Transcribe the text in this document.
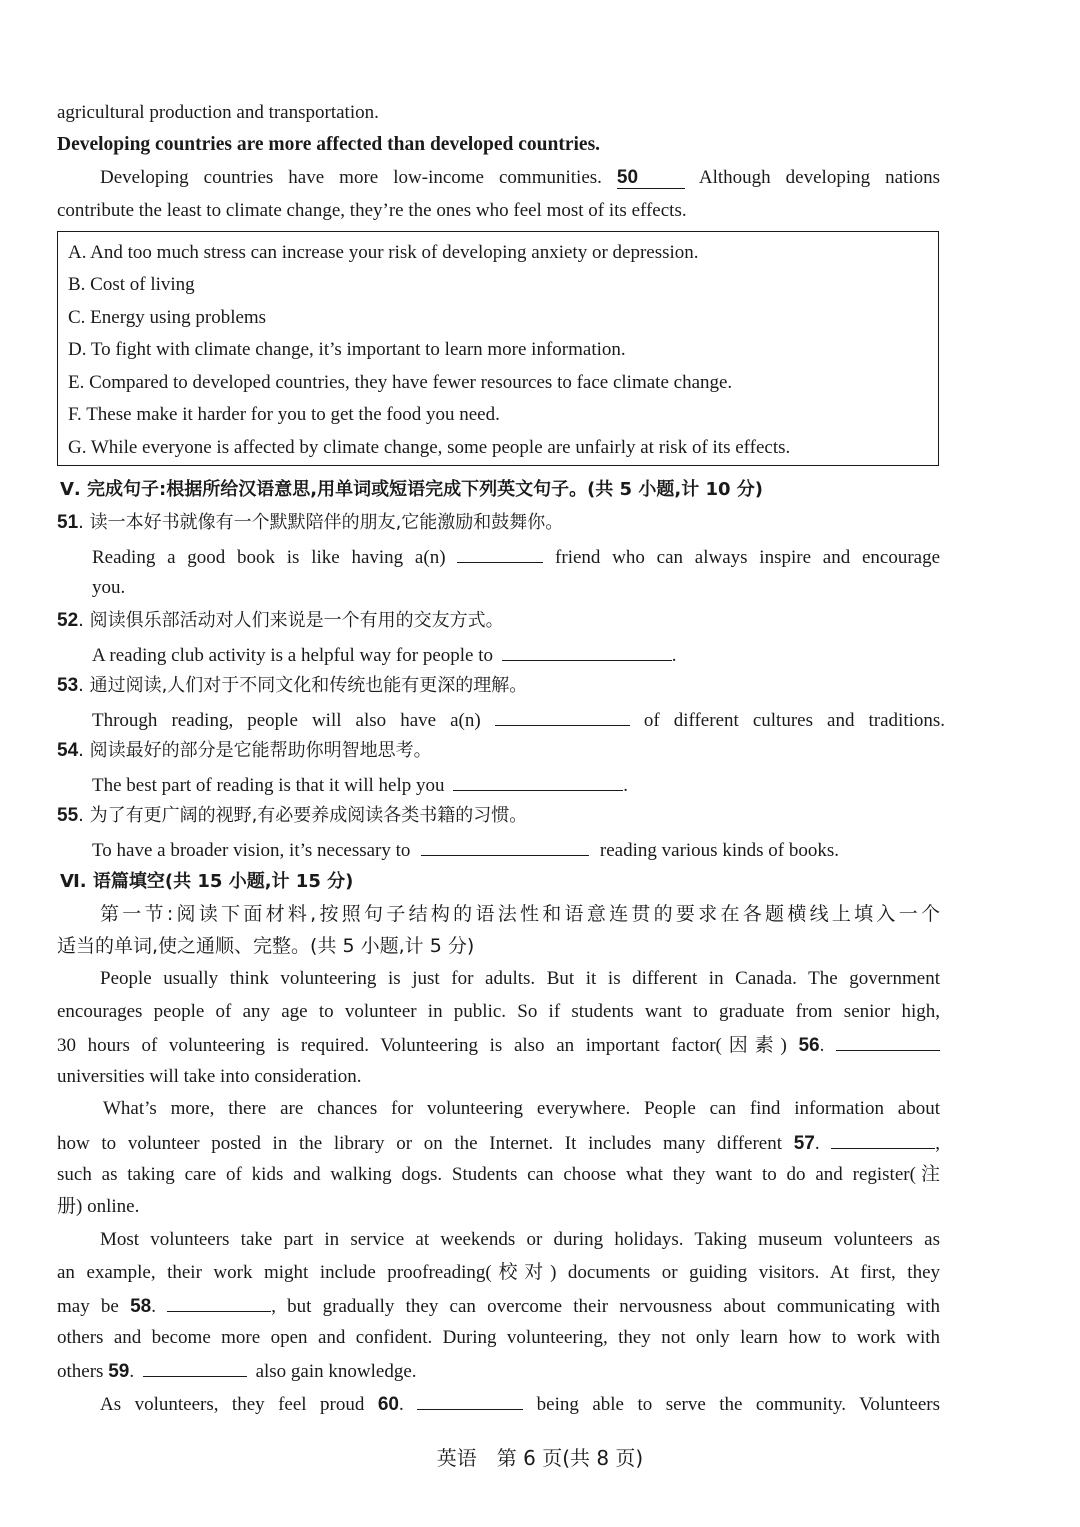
agricultural production and transportation.
Developing countries are more affected than developed countries.
Developing countries have more low-income communities. 50	Although developing nations
contribute the least to climate change, they’re the ones who feel most of its effects.
A. And too much stress can increase your risk of developing anxiety or depression.
B. Cost of living
C. Energy using problems
D. To fight with climate change, it’s important to learn more information.
E. Compared to developed countries, they have fewer resources to face climate change.
F. These make it harder for you to get the food you need.
G. While everyone is affected by climate change, some people are unfairly at risk of its effects.
Ⅴ. 完成句子:根据所给汉语意思,用单词或短语完成下列英文句子。(共 5 小题,计 10 分)
51. 读一本好书就像有一个默默陪伴的朋友,它能激励和鼓舞你。
Reading a good book is like having a(n)	friend who can always inspire and encourage
you.
52. 阅读俱乐部活动对人们来说是一个有用的交友方式。
A reading club activity is a helpful way for people to	.
53. 通过阅读,人们对于不同文化和传统也能有更深的理解。
Through reading, people will also have a(n)	of different cultures and traditions.
54. 阅读最好的部分是它能帮助你明智地思考。
The best part of reading is that it will help you	.
55. 为了有更广阔的视野,有必要养成阅读各类书籍的习惯。
To have a broader vision, it’s necessary to	reading various kinds of books.
Ⅵ. 语篇填空(共 15 小题,计 15 分)
第一节:阅读下面材料,按照句子结构的语法性和语意连贯的要求在各题横线上填入一个
适当的单词,使之通顺、完整。(共 5 小题,计 5 分)
People usually think volunteering is just for adults. But it is different in Canada. The government
encourages people of any age to volunteer in public. So if students want to graduate from senior high,
30 hours of volunteering is required. Volunteering is also an important factor(因素) 56.
universities will take into consideration.
What’s more, there are chances for volunteering everywhere. People can find information about
how to volunteer posted in the library or on the Internet. It includes many different 57.	,
such as taking care of kids and walking dogs. Students can choose what they want to do and register(注
册) online.
Most volunteers take part in service at weekends or during holidays. Taking museum volunteers as
an example, their work might include proofreading(校对) documents or guiding visitors. At first, they
may be 58.	, but gradually they can overcome their nervousness about communicating with
others and become more open and confident. During volunteering, they not only learn how to work with
others 59.	also gain knowledge.
As volunteers, they feel proud 60.	being able to serve the community. Volunteers
英语　第 6 页(共 8 页)
